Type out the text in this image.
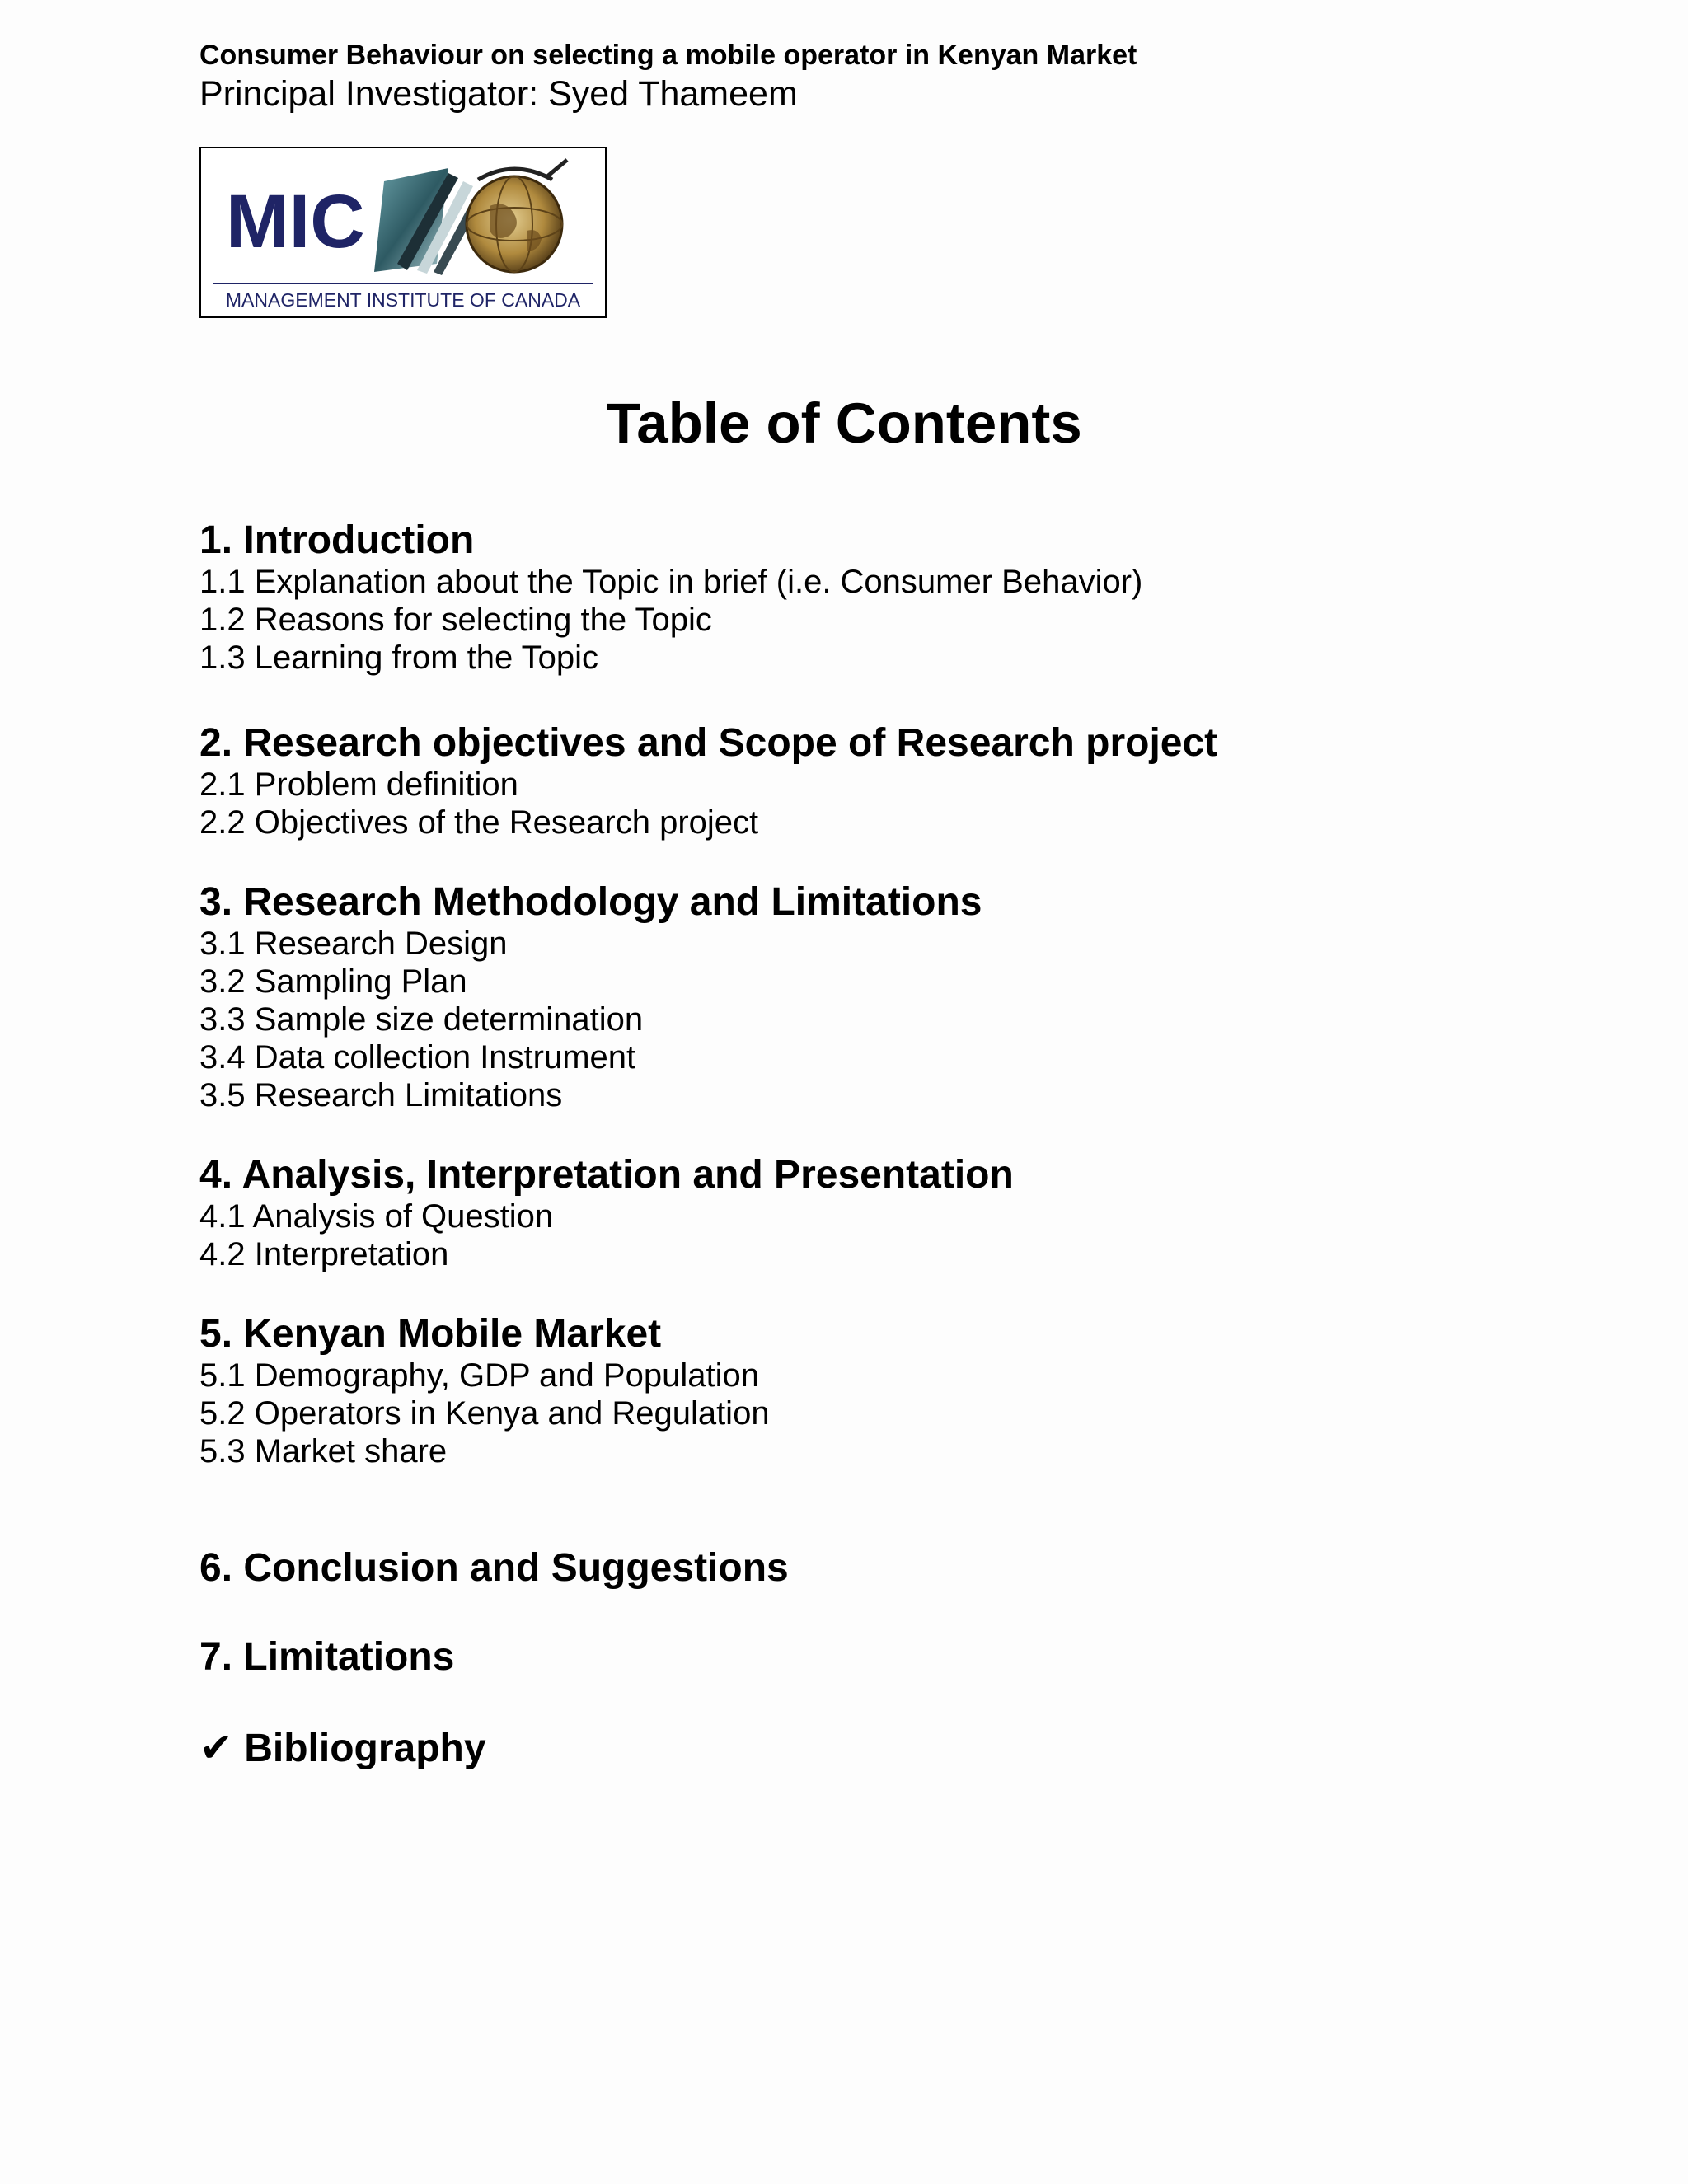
Consumer Behaviour on selecting a mobile operator in Kenyan Market
Principal Investigator: Syed Thameem
MIC
MANAGEMENT INSTITUTE OF CANADA
Table of Contents
1. Introduction
1.1 Explanation about the Topic in brief (i.e. Consumer Behavior)
1.2 Reasons for selecting the Topic
1.3 Learning from the Topic
2. Research objectives and Scope of Research project
2.1 Problem definition
2.2 Objectives of the Research project
3. Research Methodology and Limitations
3.1 Research Design
3.2 Sampling Plan
3.3 Sample size determination
3.4 Data collection Instrument
3.5 Research Limitations
4. Analysis, Interpretation and Presentation
4.1 Analysis of Question
4.2 Interpretation
5. Kenyan Mobile Market
5.1 Demography, GDP and Population
5.2 Operators in Kenya and Regulation
5.3 Market share
6. Conclusion and Suggestions
7. Limitations
✔ Bibliography
